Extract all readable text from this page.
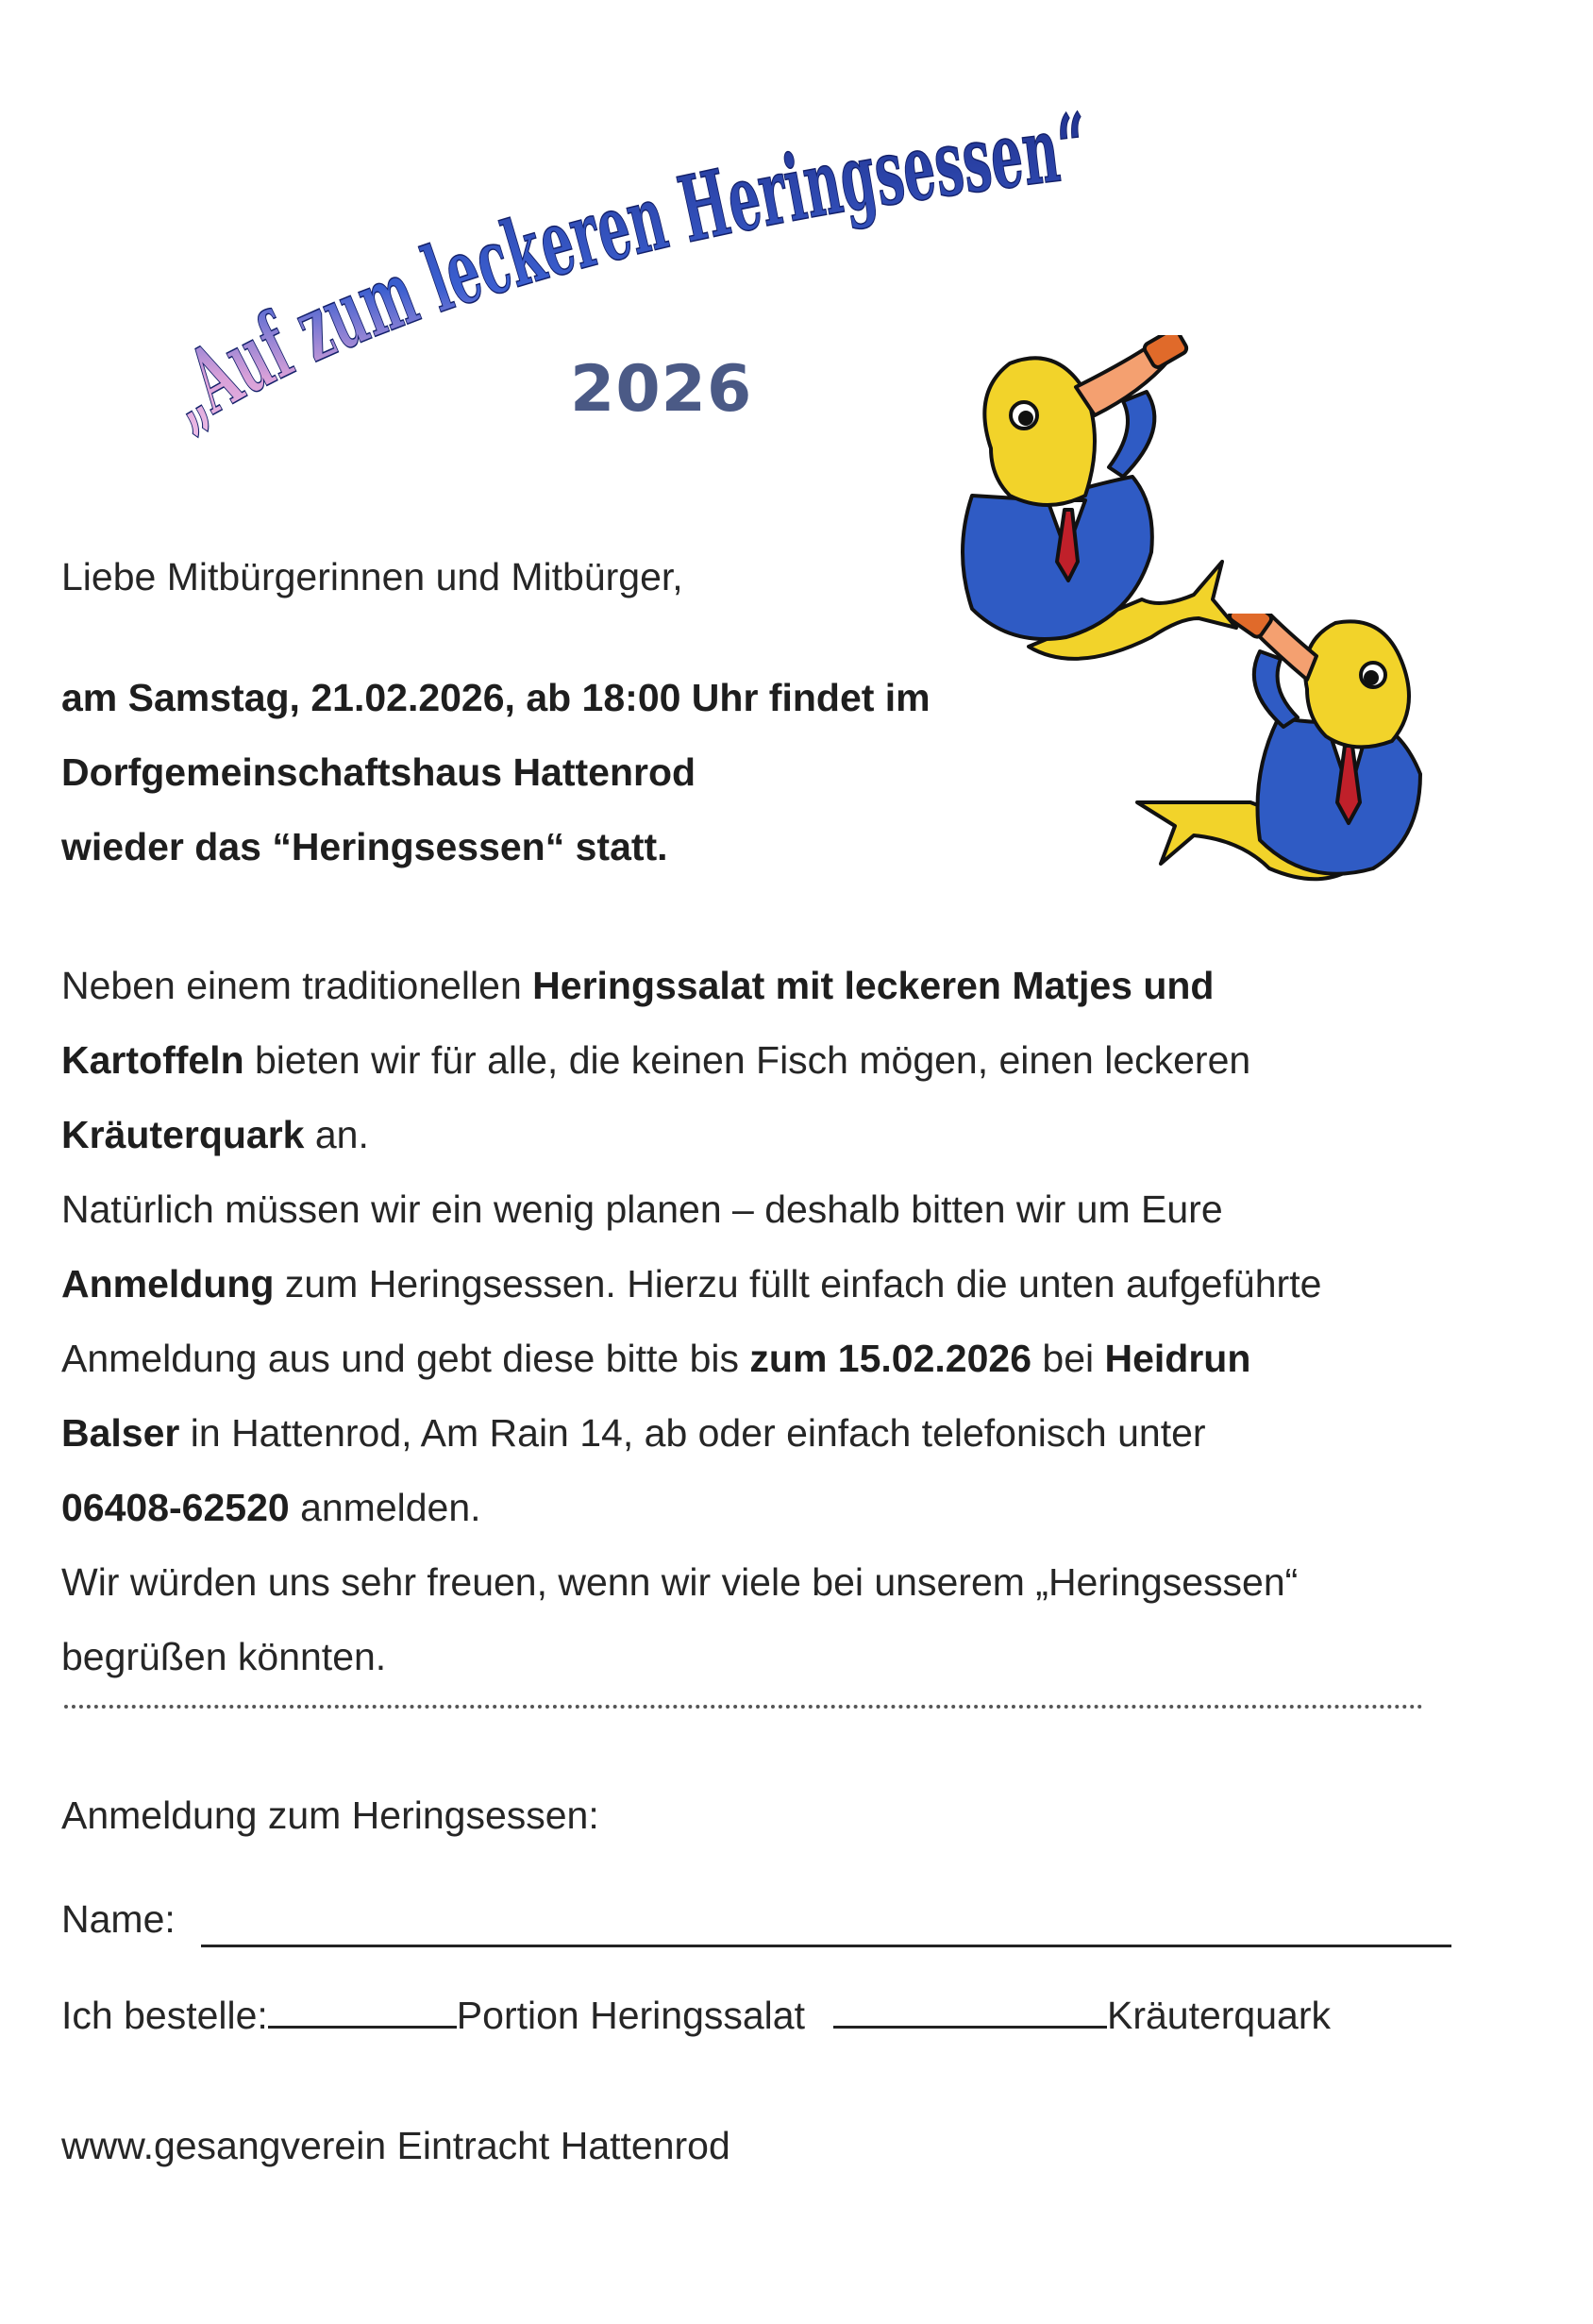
„Auf zum leckeren Heringsessen“
2026

Liebe Mitbürgerinnen und Mitbürger,

am Samstag, 21.02.2026, ab 18:00 Uhr findet im
Dorfgemeinschaftshaus Hattenrod
wieder das “Heringsessen“ statt.

Neben einem traditionellen Heringssalat mit leckeren Matjes und
Kartoffeln bieten wir für alle, die keinen Fisch mögen, einen leckeren
Kräuterquark an.
Natürlich müssen wir ein wenig planen – deshalb bitten wir um Eure
Anmeldung zum Heringsessen. Hierzu füllt einfach die unten aufgeführte
Anmeldung aus und gebt diese bitte bis zum 15.02.2026 bei Heidrun
Balser in Hattenrod, Am Rain 14, ab oder einfach telefonisch unter
06408-62520 anmelden.
Wir würden uns sehr freuen, wenn wir viele bei unserem „Heringsessen“
begrüßen könnten.

Anmeldung zum Heringsessen:
Name:
Ich bestelle:	Portion Heringssalat	Kräuterquark
www.gesangverein Eintracht Hattenrod
